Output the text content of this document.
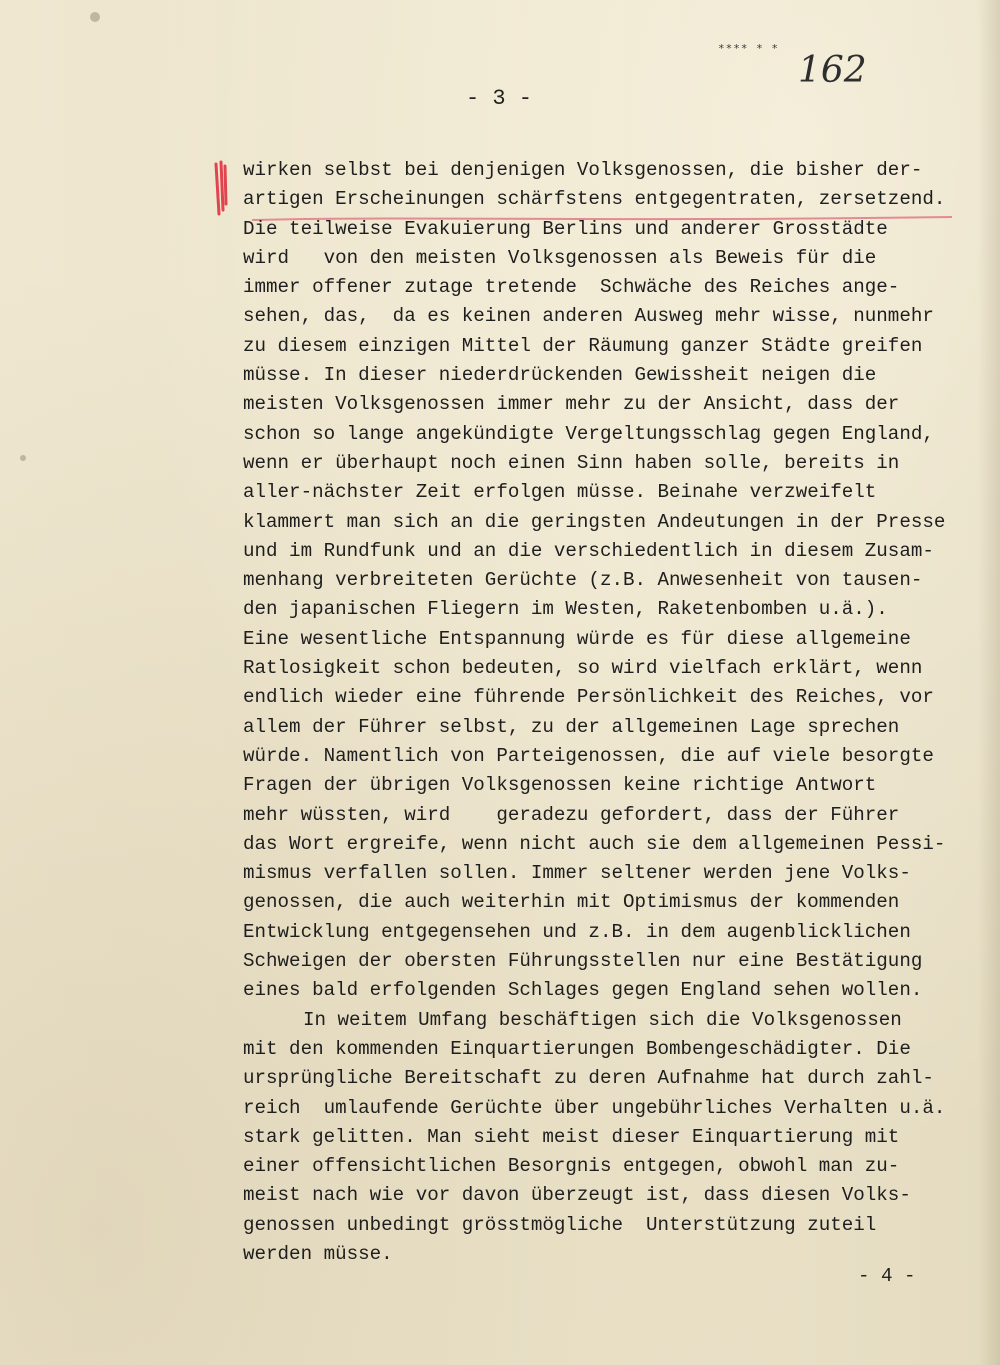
**** * *
162
- 3 -
wirken selbst bei denjenigen Volksgenossen, die bisher der-
artigen Erscheinungen schärfstens entgegentraten, zersetzend.
Die teilweise Evakuierung Berlins und anderer Grosstädte
wird   von den meisten Volksgenossen als Beweis für die
immer offener zutage tretende  Schwäche des Reiches ange-
sehen, das,  da es keinen anderen Ausweg mehr wisse, nunmehr
zu diesem einzigen Mittel der Räumung ganzer Städte greifen
müsse. In dieser niederdrückenden Gewissheit neigen die
meisten Volksgenossen immer mehr zu der Ansicht, dass der
schon so lange angekündigte Vergeltungsschlag gegen England,
wenn er überhaupt noch einen Sinn haben solle, bereits in
aller-nächster Zeit erfolgen müsse. Beinahe verzweifelt
klammert man sich an die geringsten Andeutungen in der Presse
und im Rundfunk und an die verschiedentlich in diesem Zusam-
menhang verbreiteten Gerüchte (z.B. Anwesenheit von tausen-
den japanischen Fliegern im Westen, Raketenbomben u.ä.).
Eine wesentliche Entspannung würde es für diese allgemeine
Ratlosigkeit schon bedeuten, so wird vielfach erklärt, wenn
endlich wieder eine führende Persönlichkeit des Reiches, vor
allem der Führer selbst, zu der allgemeinen Lage sprechen
würde. Namentlich von Parteigenossen, die auf viele besorgte
Fragen der übrigen Volksgenossen keine richtige Antwort
mehr wüssten, wird    geradezu gefordert, dass der Führer
das Wort ergreife, wenn nicht auch sie dem allgemeinen Pessi-
mismus verfallen sollen. Immer seltener werden jene Volks-
genossen, die auch weiterhin mit Optimismus der kommenden
Entwicklung entgegensehen und z.B. in dem augenblicklichen
Schweigen der obersten Führungsstellen nur eine Bestätigung
eines bald erfolgenden Schlages gegen England sehen wollen.
In weitem Umfang beschäftigen sich die Volksgenossen
mit den kommenden Einquartierungen Bombengeschädigter. Die
ursprüngliche Bereitschaft zu deren Aufnahme hat durch zahl-
reich  umlaufende Gerüchte über ungebührliches Verhalten u.ä.
stark gelitten. Man sieht meist dieser Einquartierung mit
einer offensichtlichen Besorgnis entgegen, obwohl man zu-
meist nach wie vor davon überzeugt ist, dass diesen Volks-
genossen unbedingt grösstmögliche  Unterstützung zuteil
werden müsse.
- 4 -
